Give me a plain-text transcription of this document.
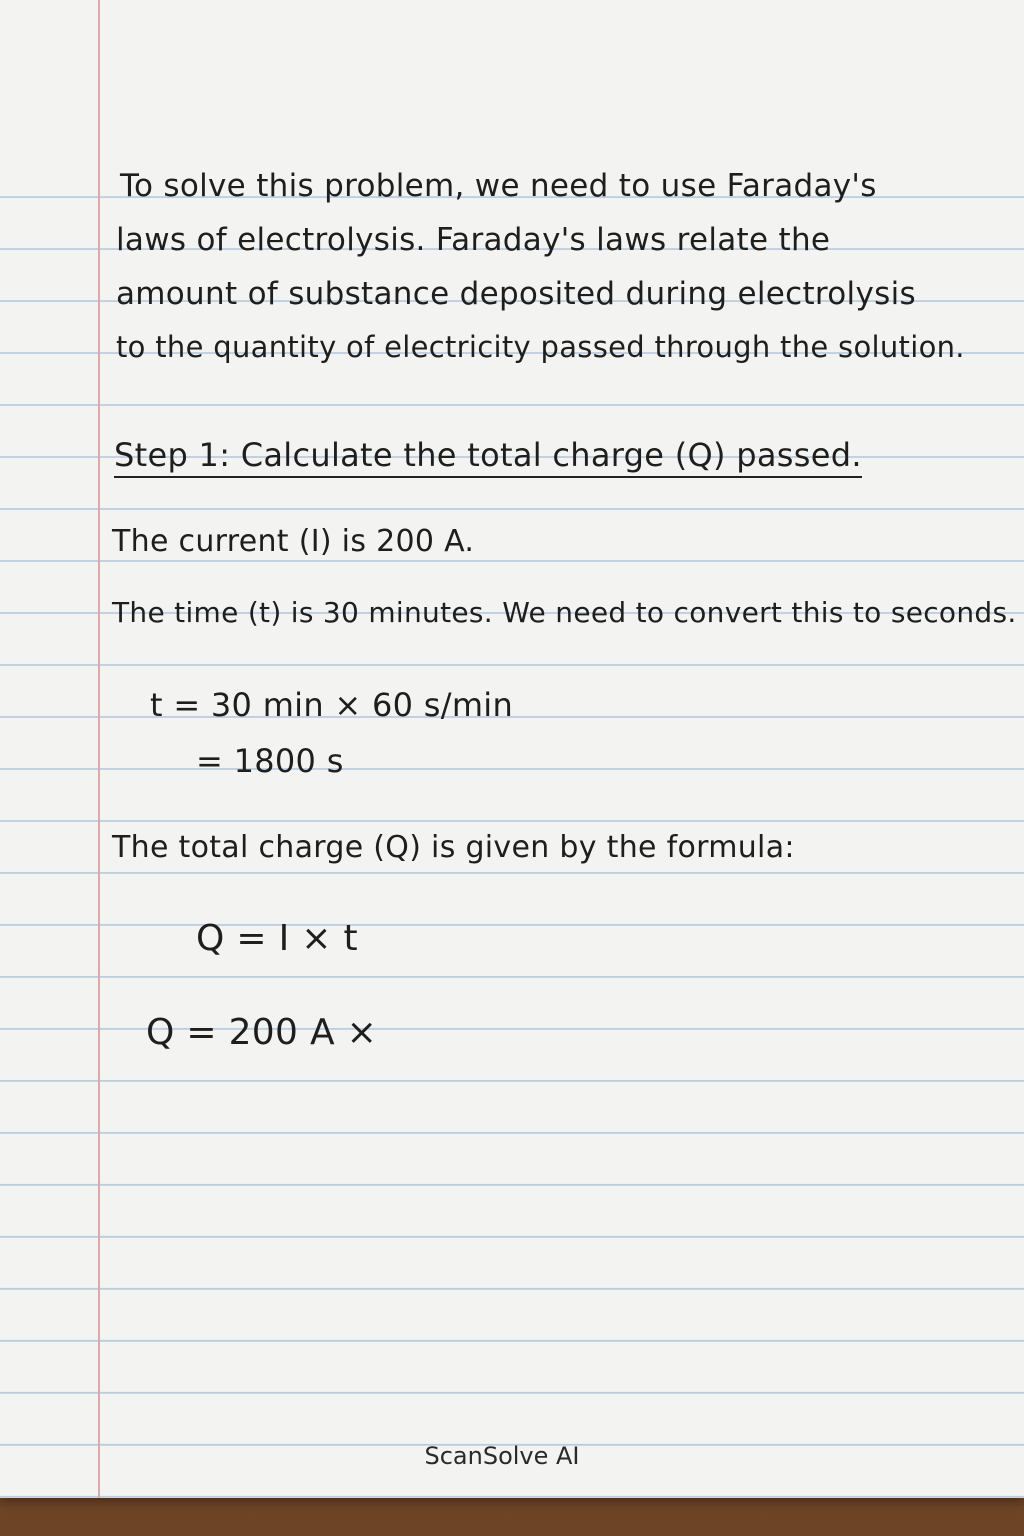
To solve this problem, we need to use Faraday's
laws of electrolysis. Faraday's laws relate the
amount of substance deposited during electrolysis
to the quantity of electricity passed through the solution.
Step 1: Calculate the total charge (Q) passed.
The current (I) is 200 A.
The time (t) is 30 minutes. We need to convert this to seconds.
t = 30 min × 60 s/min
= 1800 s
The total charge (Q) is given by the formula:
Q = I × t
Q = 200 A ×
ScanSolve AI
